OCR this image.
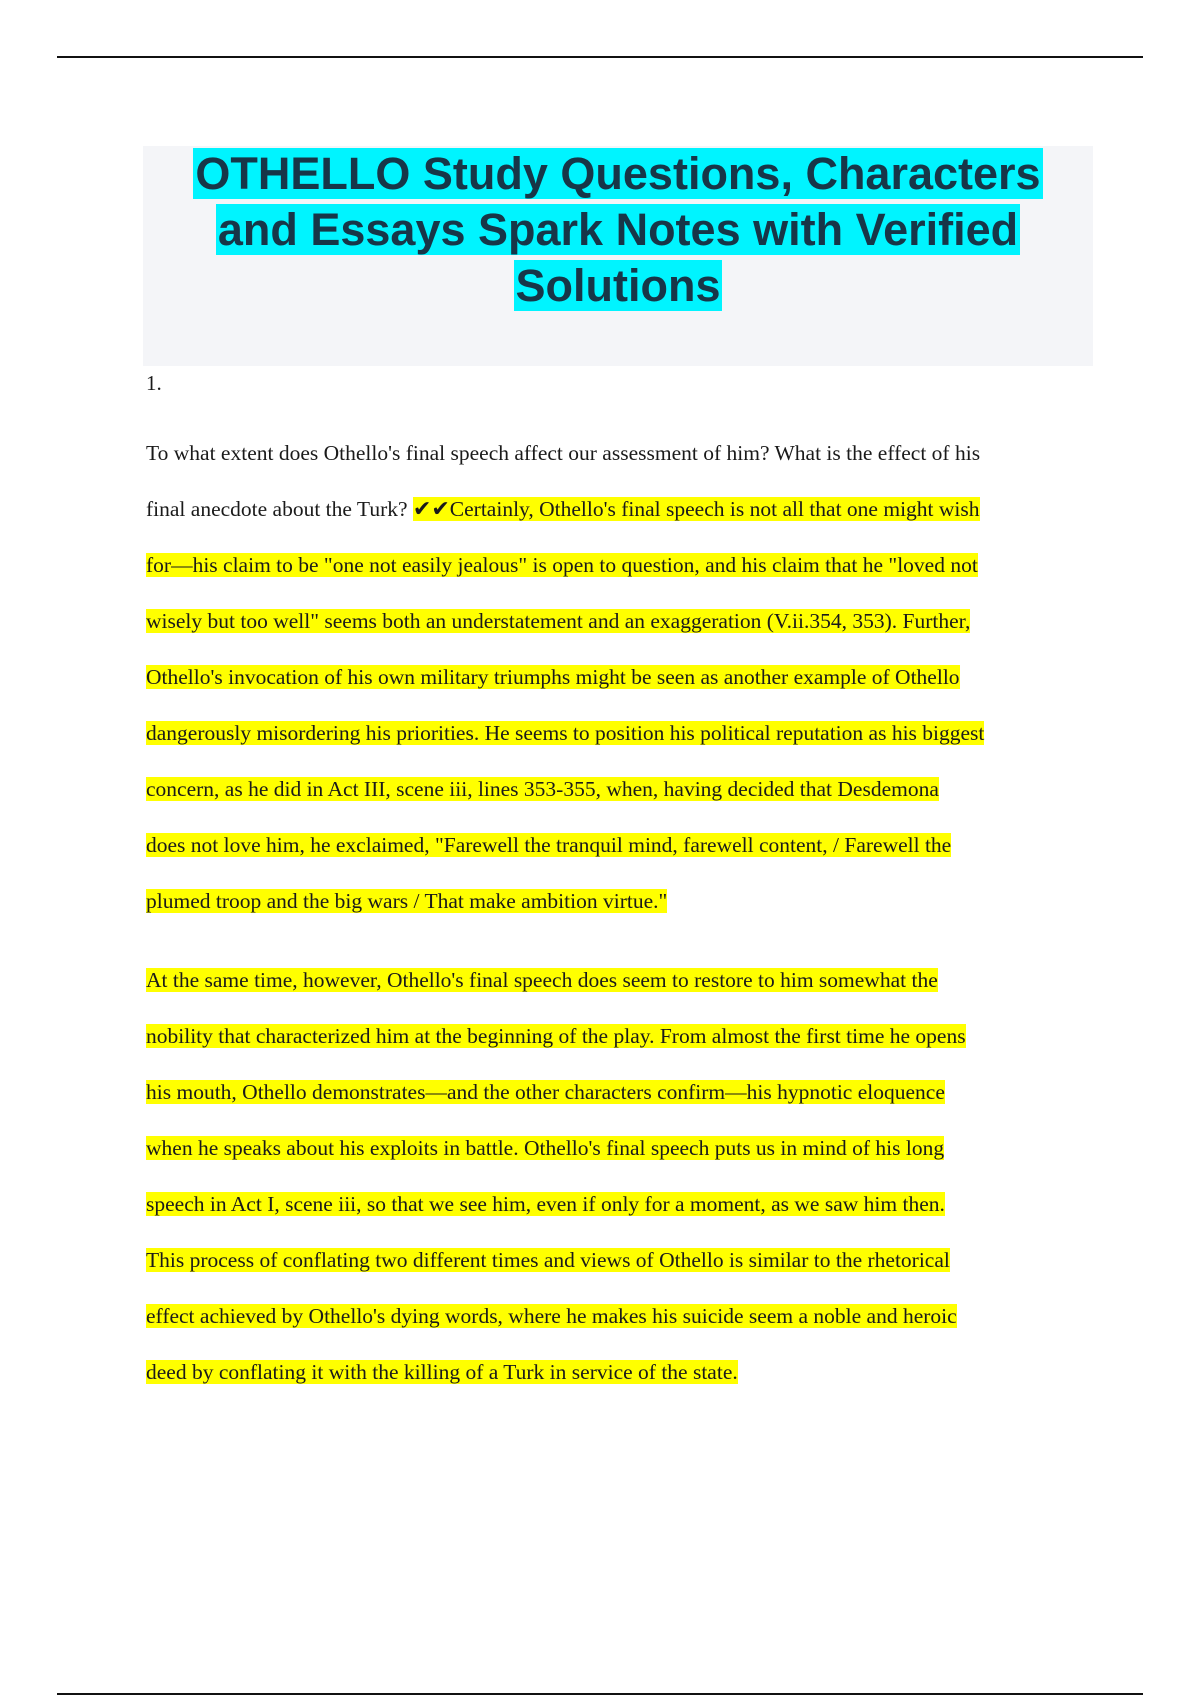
OTHELLO Study Questions, Characters
and Essays Spark Notes with Verified
Solutions
1.
To what extent does Othello's final speech affect our assessment of him? What is the effect of his
final anecdote about the Turk? ✔✔Certainly, Othello's final speech is not all that one might wish
for—his claim to be "one not easily jealous" is open to question, and his claim that he "loved not
wisely but too well" seems both an understatement and an exaggeration (V.ii.354, 353). Further,
Othello's invocation of his own military triumphs might be seen as another example of Othello
dangerously misordering his priorities. He seems to position his political reputation as his biggest
concern, as he did in Act III, scene iii, lines 353-355, when, having decided that Desdemona
does not love him, he exclaimed, "Farewell the tranquil mind, farewell content, / Farewell the
plumed troop and the big wars / That make ambition virtue."
At the same time, however, Othello's final speech does seem to restore to him somewhat the
nobility that characterized him at the beginning of the play. From almost the first time he opens
his mouth, Othello demonstrates—and the other characters confirm—his hypnotic eloquence
when he speaks about his exploits in battle. Othello's final speech puts us in mind of his long
speech in Act I, scene iii, so that we see him, even if only for a moment, as we saw him then.
This process of conflating two different times and views of Othello is similar to the rhetorical
effect achieved by Othello's dying words, where he makes his suicide seem a noble and heroic
deed by conflating it with the killing of a Turk in service of the state.
